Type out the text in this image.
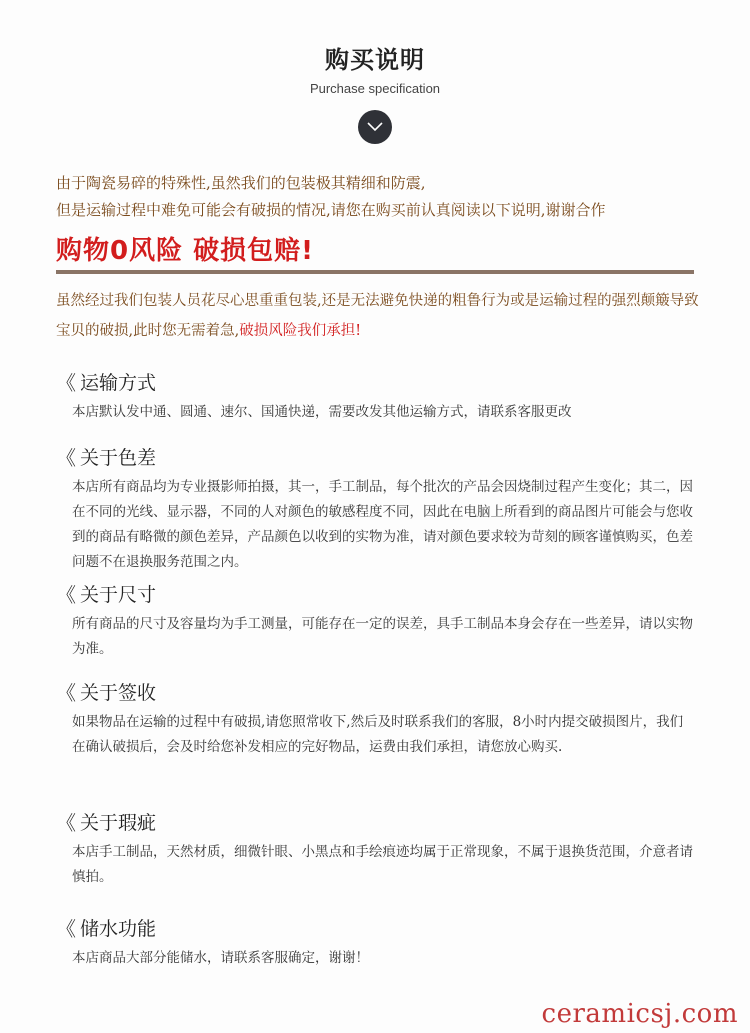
购买说明
Purchase specification
由于陶瓷易碎的特殊性,虽然我们的包装极其精细和防震,
但是运输过程中难免可能会有破损的情况,请您在购买前认真阅读以下说明,谢谢合作
购物0风险 破损包赔!
虽然经过我们包装人员花尽心思重重包装,还是无法避免快递的粗鲁行为或是运输过程的强烈颠簸导致宝贝的破损,此时您无需着急,破损风险我们承担!
《 运输方式
本店默认发中通、圆通、速尔、国通快递，需要改发其他运输方式，请联系客服更改
《 关于色差
本店所有商品均为专业摄影师拍摄，其一，手工制品，每个批次的产品会因烧制过程产生变化；其二，因在不同的光线、显示器，不同的人对颜色的敏感程度不同，因此在电脑上所看到的商品图片可能会与您收到的商品有略微的颜色差异，产品颜色以收到的实物为准，请对颜色要求较为苛刻的顾客谨慎购买，色差问题不在退换服务范围之内。
《 关于尺寸
所有商品的尺寸及容量均为手工测量，可能存在一定的误差，具手工制品本身会存在一些差异，请以实物为准。
《 关于签收
如果物品在运输的过程中有破损,请您照常收下,然后及时联系我们的客服，8小时内提交破损图片，我们在确认破损后，会及时给您补发相应的完好物品，运费由我们承担，请您放心购买.
《 关于瑕疵
本店手工制品，天然材质，细微针眼、小黑点和手绘痕迹均属于正常现象，不属于退换货范围，介意者请慎拍。
《 储水功能
本店商品大部分能储水，请联系客服确定，谢谢！
ceramicsj.com
